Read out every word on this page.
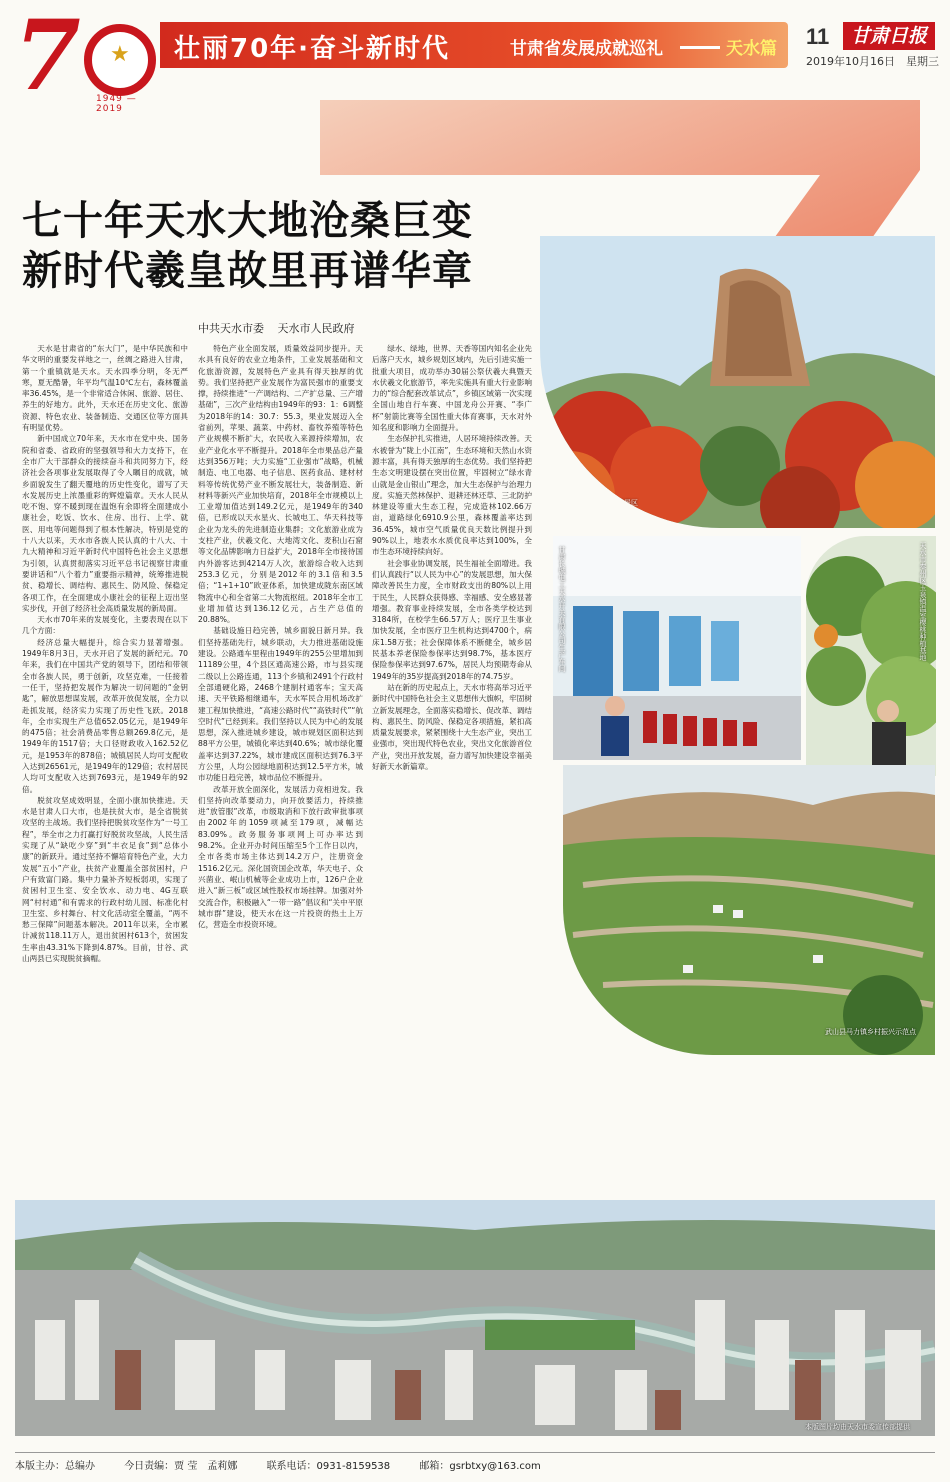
7 ★
1949 — 2019
壮丽70年·奋斗新时代	甘肃省发展成就巡礼	天水篇 11	甘肃日报
2019年10月16日　星期三
七十年天水大地沧桑巨变
新时代羲皇故里再谱华章
中共天水市委 天水市人民政府

天水是甘肃省的“东大门”，是中华民族和中华文明的重要发祥地之一，丝绸之路进入甘肃，第一个重镇就是天水。天水四季分明，冬无严寒，夏无酷暑，年平均气温10℃左右，森林覆盖率36.45%，是一个非常适合休闲、旅游、居住、养生的好地方。此外，天水还在历史文化、旅游资源、特色农业、装备制造、交通区位等方面具有明显优势。

新中国成立70年来，天水市在党中央、国务院和省委、省政府的坚强领导和大力支持下，在全市广大干部群众的接续奋斗和共同努力下，经济社会各项事业发展取得了令人瞩目的成就，城乡面貌发生了翻天覆地的历史性变化，谱写了天水发展历史上浓墨重彩的辉煌篇章。天水人民从吃不饱、穿不暖到现在温饱有余即将全面建成小康社会，吃饭、饮水、住房、出行、上学、就医、用电等问题得到了根本性解决，特别是党的十八大以来，天水市各族人民认真的十八大、十九大精神和习近平新时代中国特色社会主义思想为引领，认真贯彻落实习近平总书记视察甘肃重要讲话和“八个着力”重要指示精神，统筹推进脱贫、稳增长、调结构、惠民生、防风险、保稳定各项工作，在全面建成小康社会的征程上迈出坚实步伐，开创了经济社会高质量发展的新局面。

天水市70年来的发展变化，主要表现在以下几个方面：

经济总量大幅提升，综合实力显著增强。1949年8月3日，天水开启了发展的新纪元。70年来，我们在中国共产党的领导下，团结和带领全市各族人民，勇于创新，攻坚克难，一任接着一任干，坚持把发展作为解决一切问题的“金钥匙”，解放思想谋发展，改革开放促发展，全力以赴抓发展，经济实力实现了历史性飞跃。2018年，全市实现生产总值652.05亿元，是1949年的475倍；社会消费品零售总额269.8亿元，是1949年的1517倍；大口径财政收入162.52亿元，是1953年的878倍；城镇居民人均可支配收入达到26561元，是1949年的129倍；农村居民人均可支配收入达到7693元，是1949年的92倍。

脱贫攻坚成效明显，全面小康加快推进。天水是甘肃人口大市，也是扶贫大市，是全省脱贫攻坚的主战场。我们坚持把脱贫攻坚作为“一号工程”，举全市之力打赢打好脱贫攻坚战，人民生活实现了从“缺吃少穿”到“丰衣足食”到“总体小康”的新跃升。通过坚持不懈培育特色产业，大力发展“五小”产业，扶贫产业覆盖全部贫困村，户户有致富门路。集中力量补齐短板弱项，实现了贫困村卫生室、安全饮水、动力电、4G互联网“村村通”和有需求的行政村幼儿园、标准化村卫生室、乡村舞台、村文化活动室全覆盖，“两不愁三保障”问题基本解决。2011年以来，全市累计减贫118.11万人，退出贫困村613个，贫困发生率由43.31%下降到4.87%。目前，甘谷、武山两县已实现脱贫摘帽。

特色产业全面发展，质量效益同步提升。天水具有良好的农业立地条件，工业发展基础和文化旅游资源，发展特色产业具有得天独厚的优势。我们坚持把产业发展作为富民强市的重要支撑，持续推进“一产调结构、二产扩总量、三产增基础”，三次产业结构由1949年的93：1：6调整为2018年的14：30.7：55.3，果业发展迈入全省前列，苹果、蔬菜、中药材、畜牧养殖等特色产业规模不断扩大，农民收入来源持续增加，农业产业化水平不断提升。2018年全市果品总产量达到356万吨；大力实施“工业强市”战略，机械制造、电工电器、电子信息、医药食品、建材材料等传统优势产业不断发展壮大，装备制造、新材料等新兴产业加快培育，2018年全市规模以上工业增加值达到149.2亿元，是1949年的340倍，已形成以天水星火、长城电工、华天科技等企业为龙头的先进制造业集群；文化旅游业成为支柱产业，伏羲文化、大地湾文化、麦积山石窟等文化品牌影响力日益扩大，2018年全市接待国内外游客达到4214万人次，旅游综合收入达到253.3亿元，分别是2012年的3.1倍和3.5倍；“1+1+10”欧亚体系，加快建成陇东南区域物流中心和全省第二大物流枢纽。2018年全市工业增加值达到136.12亿元，占生产总值的20.88%。

基础设施日趋完善，城乡面貌日新月异。我们坚持基础先行，城乡联动，大力推进基础设施建设。公路通车里程由1949年的255公里增加到11189公里，4个县区通高速公路，市与县实现二级以上公路连通，113个乡镇和2491个行政村全部通硬化路，2468个建制村通客车；宝天高速、天平铁路相继通车，天水军民合用机场改扩建工程加快推进，“高速公路时代”“高铁时代”“航空时代”已经到来。我们坚持以人民为中心的发展思想，深入推进城乡建设，城市规划区面积达到88平方公里，城镇化率达到40.6%；城市绿化覆盖率达到37.22%，城市建成区面积达到76.3平方公里，人均公园绿地面积达到12.5平方米，城市功能日趋完善，城市品位不断提升。

改革开放全面深化，发展活力竞相迸发。我们坚持向改革要动力，向开放要活力，持续推进“放管服”改革，市级取消和下放行政审批事项由2002年的1059项减至179项，减幅达83.09%。政务服务事项网上可办率达到98.2%。企业开办时间压缩至5个工作日以内，全市各类市场主体达到14.2万户，注册资金1516.2亿元。深化国资国企改革，华天电子、众兴菌业、岷山机械等企业成功上市，126户企业进入“新三板”或区域性股权市场挂牌。加强对外交流合作，积极融入“一带一路”倡议和“关中平原城市群”建设，使天水在这一片投资的热土上万亿，营造全市投资环境。

绿水、绿地，世界、天香等国内知名企业先后落户天水，城乡规划区域内，先后引进实施一批重大项目，成功举办30届公祭伏羲大典暨天水伏羲文化旅游节，率先实施具有重大行业影响力的“综合配套改革试点”，乡镇区域第一次实现全国山地自行车赛、中国龙舟公开赛、“李广杯”射箭比赛等全国性重大体育赛事，天水对外知名度和影响力全面提升。

生态保护扎实推进，人居环境持续改善。天水被誉为“陇上小江南”，生态环境和天然山水资源丰富，具有得天独厚的生态优势。我们坚持把生态文明建设摆在突出位置，牢固树立“绿水青山就是金山银山”理念，加大生态保护与治理力度。实施天然林保护、退耕还林还草、三北防护林建设等重大生态工程，完成造林102.66万亩，道路绿化6910.9公里，森林覆盖率达到36.45%，城市空气质量优良天数比例提升到90%以上，地表水水质优良率达到100%，全市生态环境持续向好。

社会事业协调发展，民生福祉全面增进。我们认真践行“以人民为中心”的发展思想，加大保障改善民生力度，全市财政支出的80%以上用于民生，人民群众获得感、幸福感、安全感显著增强。教育事业持续发展，全市各类学校达到3184所，在校学生66.57万人；医疗卫生事业加快发展，全市医疗卫生机构达到4700个，病床1.58万张；社会保障体系不断健全，城乡居民基本养老保险参保率达到98.7%，基本医疗保险参保率达到97.67%，居民人均预期寿命从1949年的35岁提高到2018年的74.75岁。

站在新的历史起点上，天水市将高举习近平新时代中国特色社会主义思想伟大旗帜，牢固树立新发展理念，全面落实稳增长、促改革、调结构、惠民生、防风险、保稳定各项措施，紧扣高质量发展要求，紧紧围绕十大生态产业，突出工业强市，突出现代特色农业，突出文化旅游首位产业，突出开放发展，奋力谱写加快建设幸福美好新天水新篇章。

天水市麦积山风景区
甘肃长城电工天水开关有限公司生产车间	天水市秦州区玉泉镇温室樱桃种植基地
武山县马力镇乡村振兴示范点
本版图片均由天水市委宣传部提供
本版主办：总编办	今日责编：贾 莹　孟莉娜	联系电话：0931-8159538	邮箱：gsrbtxy@163.com
